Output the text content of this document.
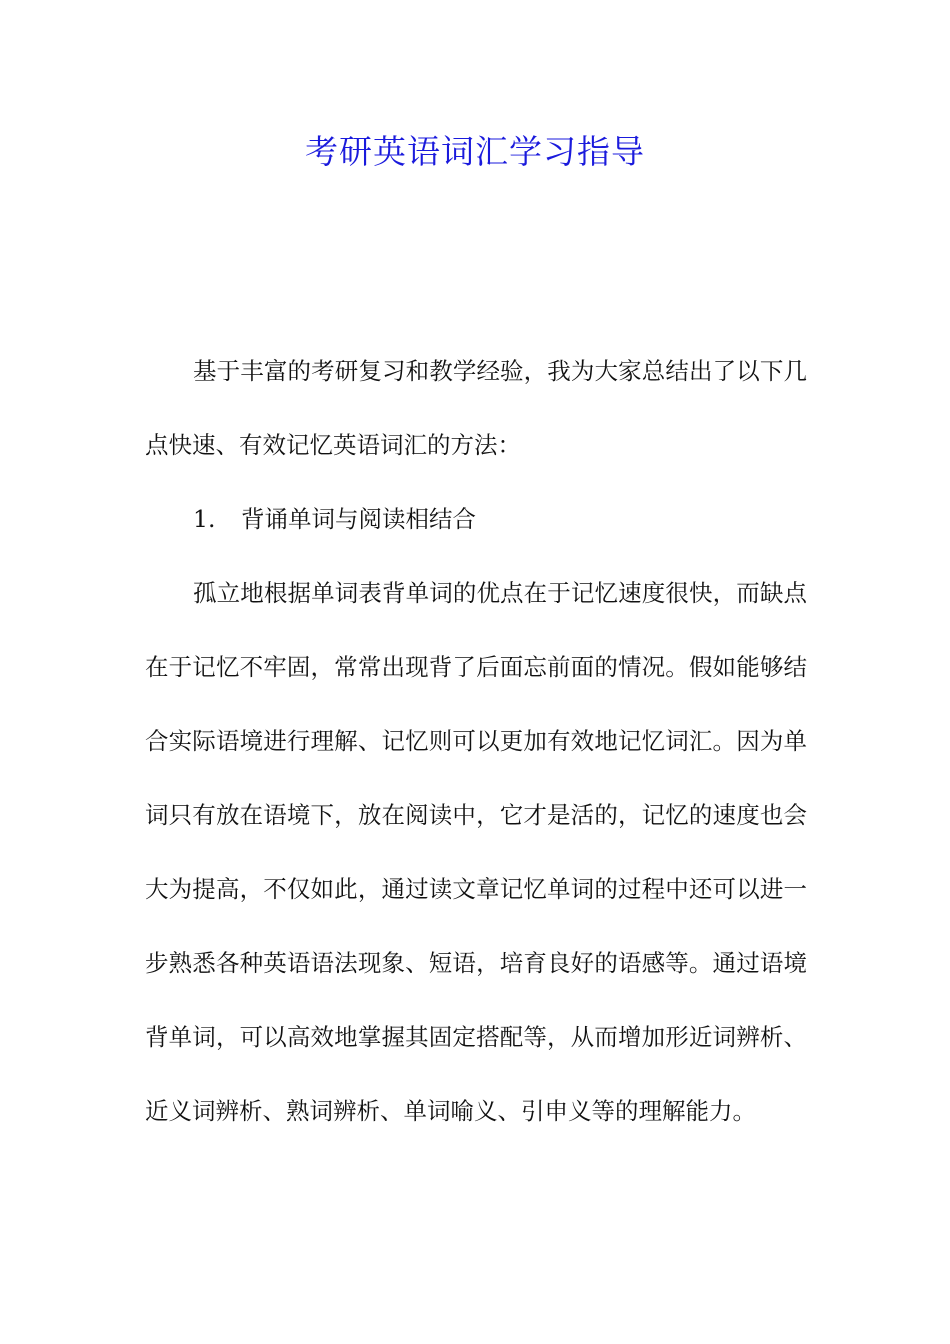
考研英语词汇学习指导

基于丰富的考研复习和教学经验，我为大家总结出了以下几点快速、有效记忆英语词汇的方法：

1. 背诵单词与阅读相结合

孤立地根据单词表背单词的优点在于记忆速度很快，而缺点在于记忆不牢固，常常出现背了后面忘前面的情况。假如能够结合实际语境进行理解、记忆则可以更加有效地记忆词汇。因为单词只有放在语境下，放在阅读中，它才是活的，记忆的速度也会大为提高，不仅如此，通过读文章记忆单词的过程中还可以进一步熟悉各种英语语法现象、短语，培育良好的语感等。通过语境背单词，可以高效地掌握其固定搭配等，从而增加形近词辨析、近义词辨析、熟词辨析、单词喻义、引申义等的理解能力。
